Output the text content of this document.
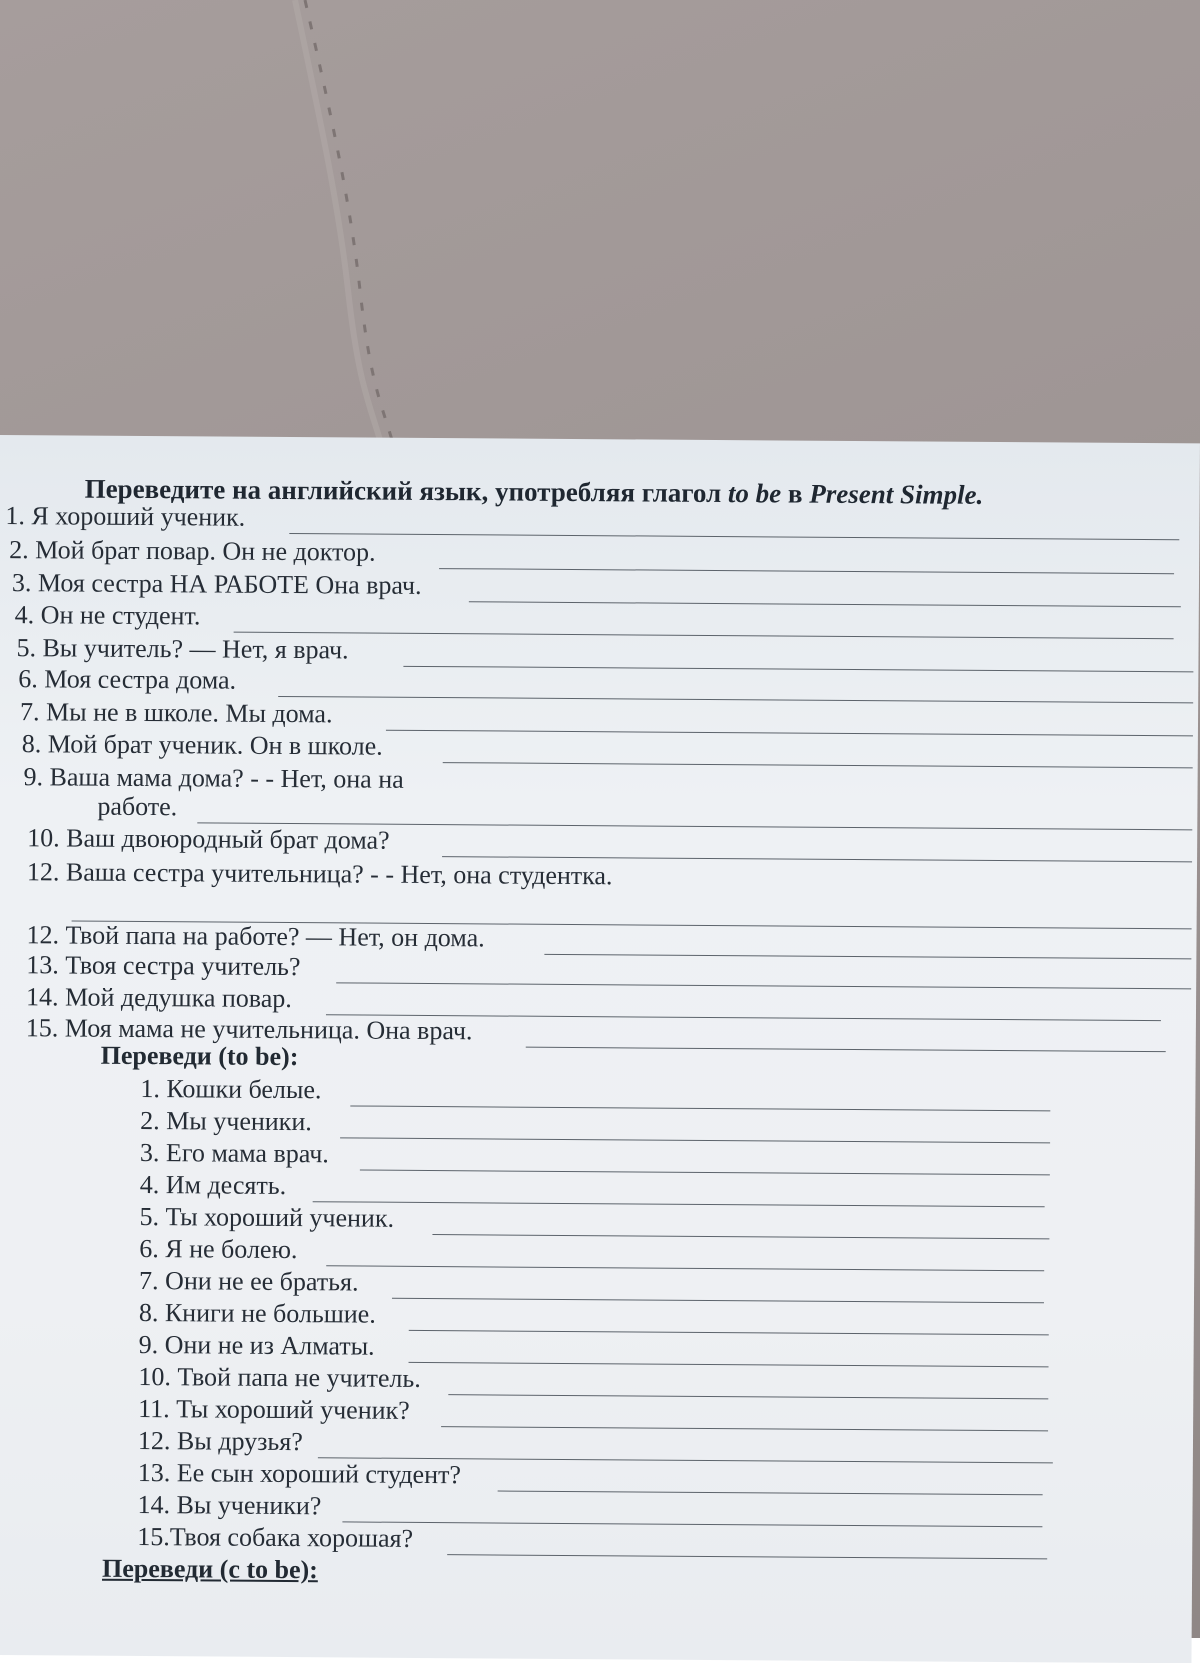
Переведите на английский язык, употребляя глагол to be в Present Simple.
1. Я хороший ученик.
2. Мой брат повар. Он не доктор.
3. Моя сестра НА РАБОТЕ Она врач.
4. Он не студент.
5. Вы учитель? — Нет, я врач.
6. Моя сестра дома.
7. Мы не в школе. Мы дома.
8. Мой брат ученик. Он в школе.
9. Ваша мама дома? - - Нет, она на
работе.
10. Ваш двоюродный брат дома?
12. Ваша сестра учительница? - - Нет, она студентка.
12. Твой папа на работе? — Нет, он дома.
13. Твоя сестра учитель?
14. Мой дедушка повар.
15. Моя мама не учительница. Она врач.
Переведи (to be):
1. Кошки белые.
2. Мы ученики.
3. Его мама врач.
4. Им десять.
5. Ты хороший ученик.
6. Я не болею.
7. Они не ее братья.
8. Книги не большие.
9. Они не из Алматы.
10. Твой папа не учитель.
11. Ты хороший ученик?
12. Вы друзья?
13. Ее сын хороший студент?
14. Вы ученики?
15.Твоя собака хорошая?
Переведи (с to be):
